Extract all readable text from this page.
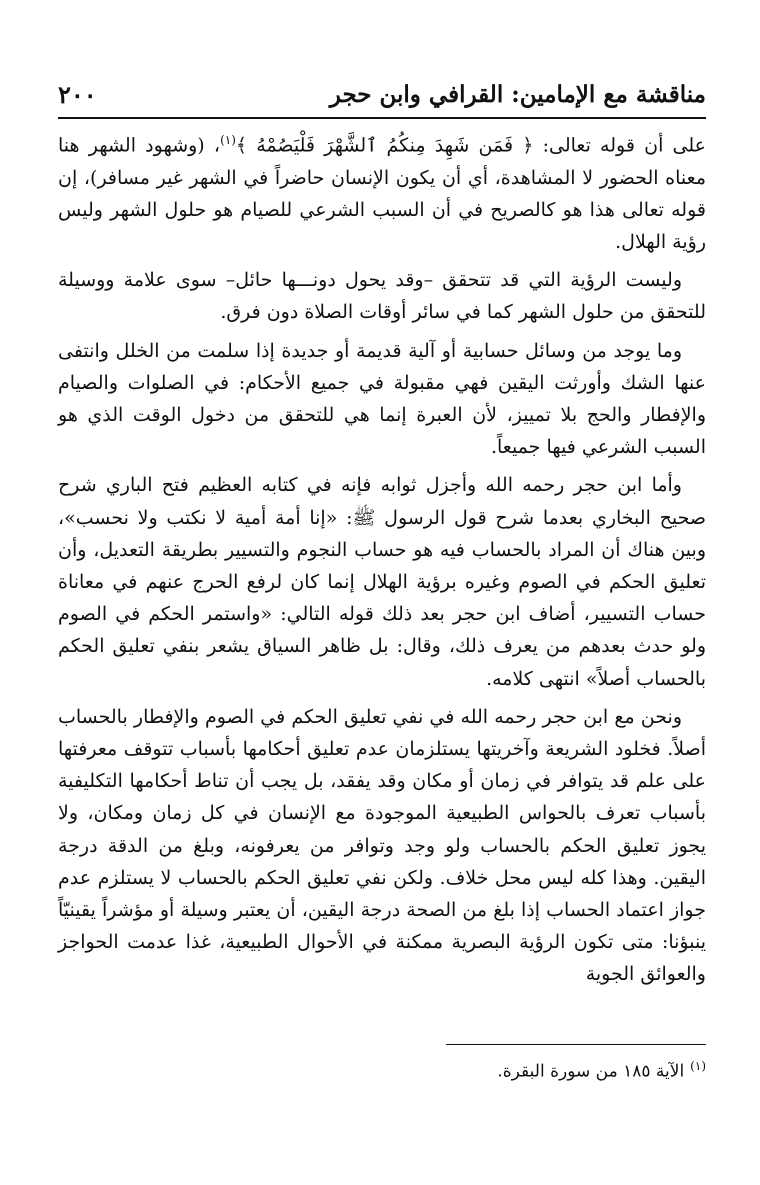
مناقشة مع الإمامين: القرافي وابن حجر
٢٠٠

على أن قوله تعالى: ﴿ فَمَن شَهِدَ مِنكُمُ ٱلشَّهْرَ فَلْيَصُمْهُ ﴾$^{(١)}$، (وشهود الشهر هنا معناه الحضور لا المشاهدة، أي أن يكون الإنسان حاضراً في الشهر غير مسافر)، إن قوله تعالى هذا هو كالصريح في أن السبب الشرعي للصيام هو حلول الشهر وليس رؤية الهلال.

وليست الرؤية التي قد تتحقق –وقد يحول دونـــها حائل– سوى علامة ووسيلة للتحقق من حلول الشهر كما في سائر أوقات الصلاة دون فرق.

وما يوجد من وسائل حسابية أو آلية قديمة أو جديدة إذا سلمت من الخلل وانتفى عنها الشك وأورثت اليقين فهي مقبولة في جميع الأحكام: في الصلوات والصيام والإفطار والحج بلا تمييز، لأن العبرة إنما هي للتحقق من دخول الوقت الذي هو السبب الشرعي فيها جميعاً.

وأما ابن حجر رحمه الله وأجزل ثوابه فإنه في كتابه العظيم فتح الباري شرح صحيح البخاري بعدما شرح قول الرسول ﷺ: «إنا أمة أمية لا نكتب ولا نحسب»، وبين هناك أن المراد بالحساب فيه هو حساب النجوم والتسيير بطريقة التعديل، وأن تعليق الحكم في الصوم وغيره برؤية الهلال إنما كان لرفع الحرج عنهم في معاناة حساب التسيير، أضاف ابن حجر بعد ذلك قوله التالي: «واستمر الحكم في الصوم ولو حدث بعدهم من يعرف ذلك، وقال: بل ظاهر السياق يشعر بنفي تعليق الحكم بالحساب أصلاً» انتهى كلامه.

ونحن مع ابن حجر رحمه الله في نفي تعليق الحكم في الصوم والإفطار بالحساب أصلاً. فخلود الشريعة وآخريتها يستلزمان عدم تعليق أحكامها بأسباب تتوقف معرفتها على علم قد يتوافر في زمان أو مكان وقد يفقد، بل يجب أن تناط أحكامها التكليفية بأسباب تعرف بالحواس الطبيعية الموجودة مع الإنسان في كل زمان ومكان، ولا يجوز تعليق الحكم بالحساب ولو وجد وتوافر من يعرفونه، وبلغ من الدقة درجة اليقين. وهذا كله ليس محل خلاف. ولكن نفي تعليق الحكم بالحساب لا يستلزم عدم جواز اعتماد الحساب إذا بلغ من الصحة درجة اليقين، أن يعتبر وسيلة أو مؤشراً يقينيّاً ينبؤنا: متى تكون الرؤية البصرية ممكنة في الأحوال الطبيعية، غذا عدمت الحواجز والعوائق الجوية

$^{(١)}$الآية ١٨٥ من سورة البقرة.
